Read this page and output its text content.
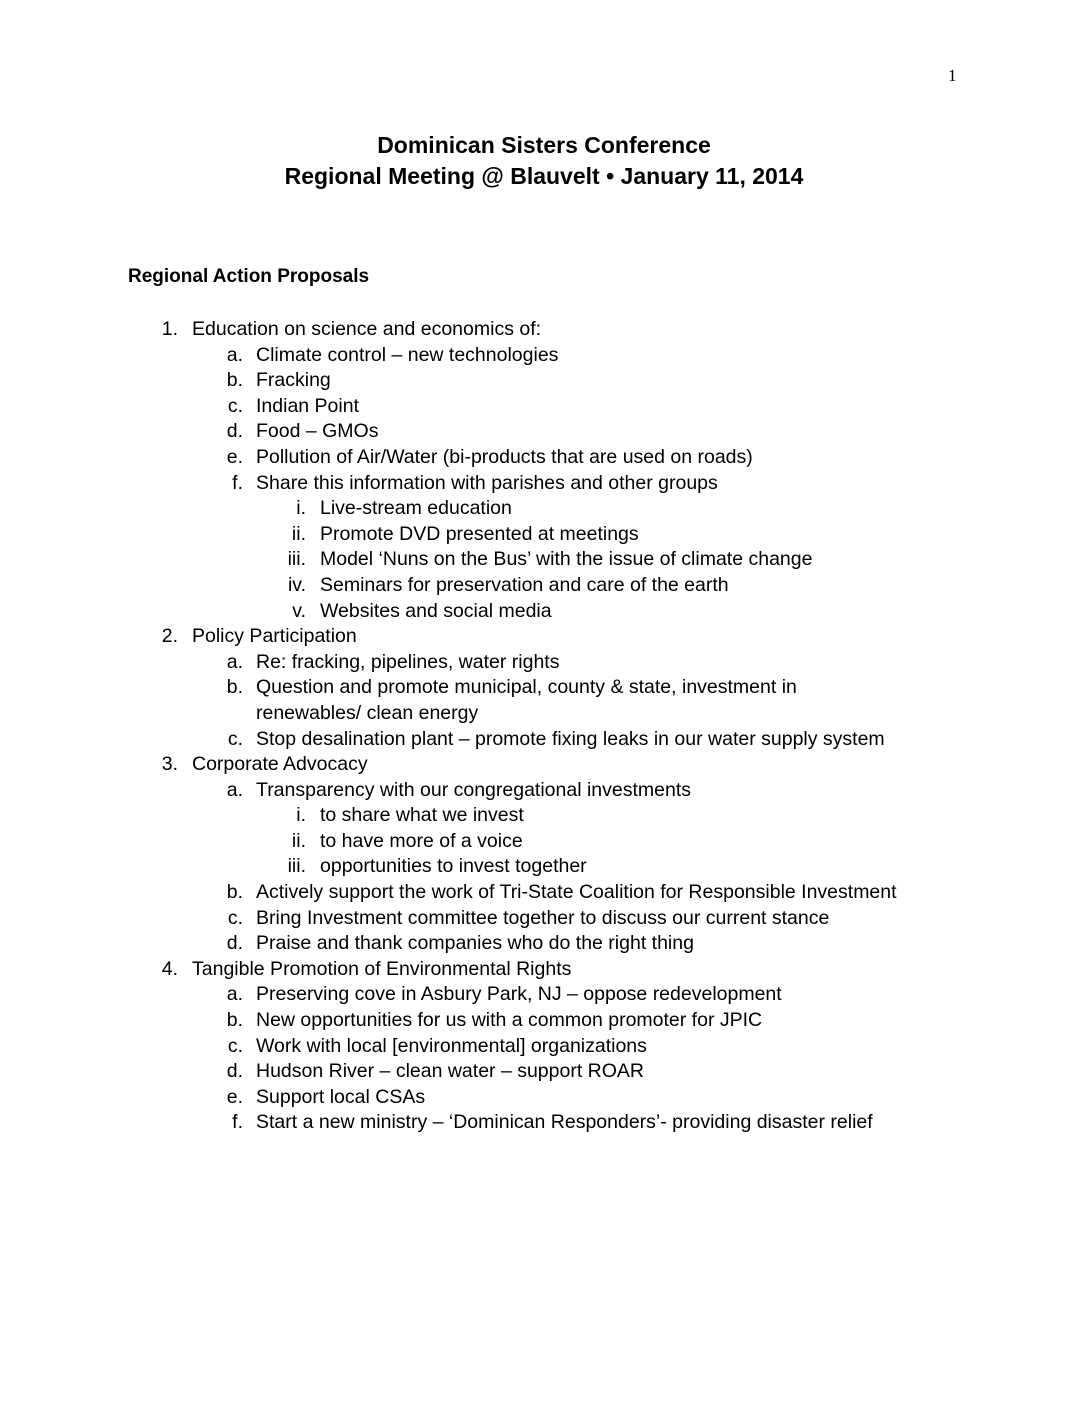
1
Dominican Sisters Conference
Regional Meeting @ Blauvelt • January 11, 2014
Regional Action Proposals
1. Education on science and economics of:
a. Climate control – new technologies
b. Fracking
c. Indian Point
d. Food – GMOs
e. Pollution of Air/Water (bi-products that are used on roads)
f. Share this information with parishes and other groups
i. Live-stream education
ii. Promote DVD presented at meetings
iii. Model ‘Nuns on the Bus’ with the issue of climate change
iv. Seminars for preservation and care of the earth
v. Websites and social media
2. Policy Participation
a. Re: fracking, pipelines, water rights
b. Question and promote municipal, county & state, investment in renewables/ clean energy
c. Stop desalination plant – promote fixing leaks in our water supply system
3. Corporate Advocacy
a. Transparency with our congregational investments
i. to share what we invest
ii. to have more of a voice
iii. opportunities to invest together
b. Actively support the work of Tri-State Coalition for Responsible Investment
c. Bring Investment committee together to discuss our current stance
d. Praise and thank companies who do the right thing
4. Tangible Promotion of Environmental Rights
a. Preserving cove in Asbury Park, NJ – oppose redevelopment
b. New opportunities for us with a common promoter for JPIC
c. Work with local [environmental] organizations
d. Hudson River – clean water – support ROAR
e. Support local CSAs
f. Start a new ministry – ‘Dominican Responders’- providing disaster relief
